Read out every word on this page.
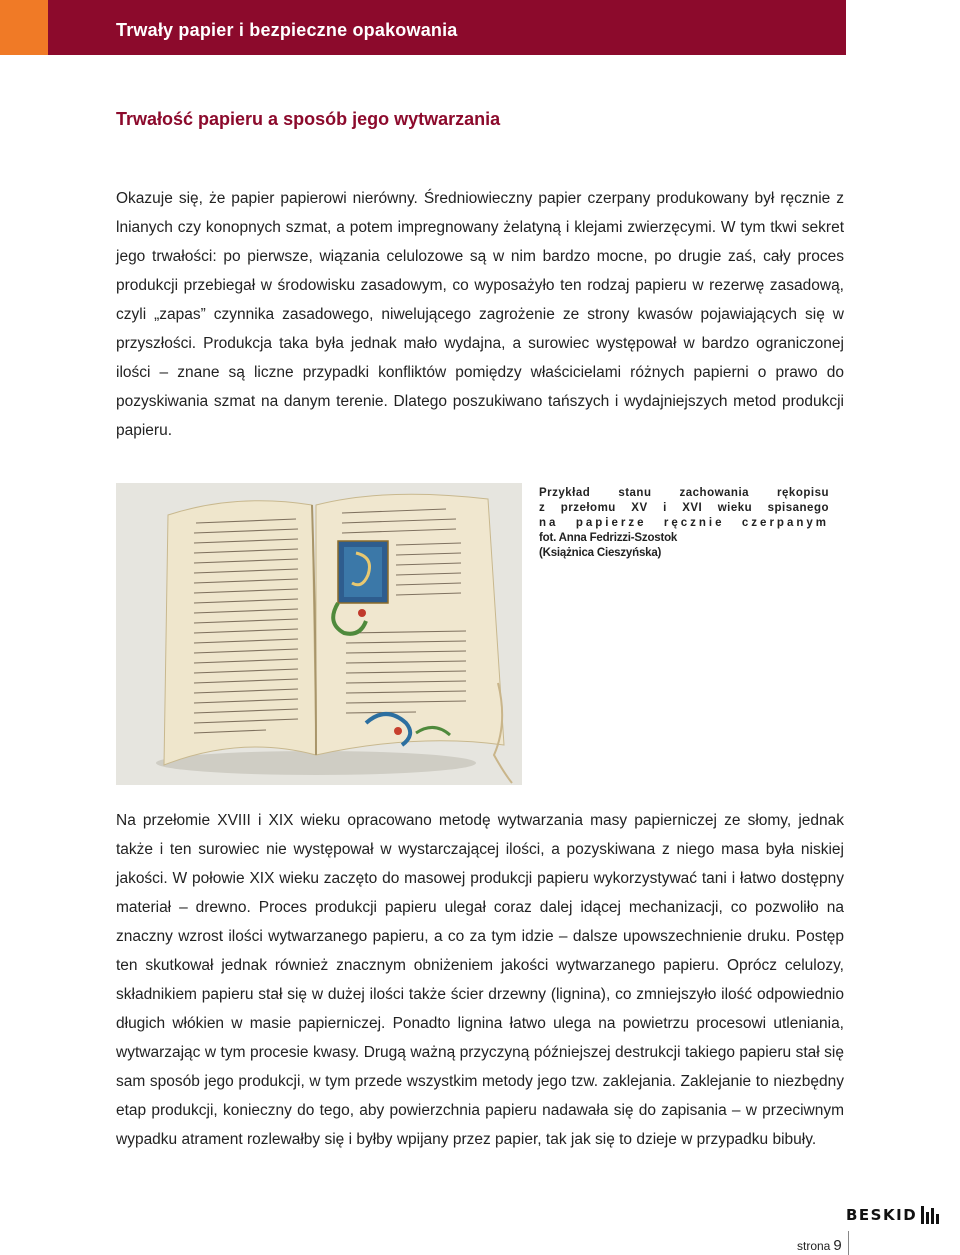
Trwały papier i bezpieczne opakowania
Trwałość papieru a sposób jego wytwarzania

Okazuje się, że papier papierowi nierówny. Średniowieczny papier czerpany produkowany był ręcznie z lnianych czy konopnych szmat, a potem impregnowany żelatyną i klejami zwierzęcymi. W tym tkwi sekret jego trwałości: po pierwsze, wiązania celulozowe są w nim bardzo mocne, po drugie zaś, cały proces produkcji przebiegał w środowisku zasadowym, co wyposażyło ten rodzaj papieru w rezerwę zasadową, czyli „zapas” czynnika zasadowego, niwelującego zagrożenie ze strony kwasów pojawiających się w przyszłości. Produkcja taka była jednak mało wydajna, a surowiec występował w bardzo ograniczonej ilości – znane są liczne przypadki konfliktów pomiędzy właścicielami różnych papierni o prawo do pozyskiwania szmat na danym terenie. Dlatego poszukiwano tańszych i wydajniejszych metod produkcji papieru.

Przykład stanu zachowania rękopisu
z przełomu XV i XVI wieku spisanego
na papierze ręcznie czerpanym
fot. Anna Fedrizzi-Szostok
(Książnica Cieszyńska)

Na przełomie XVIII i XIX wieku opracowano metodę wytwarzania masy papierniczej ze słomy, jednak także i ten surowiec nie występował w wystarczającej ilości, a pozyskiwana z niego masa była niskiej jakości. W połowie XIX wieku zaczęto do masowej produkcji papieru wykorzystywać tani i łatwo dostępny materiał – drewno. Proces produkcji papieru ulegał coraz dalej idącej mechanizacji, co pozwoliło na znaczny wzrost ilości wytwarzanego papieru, a co za tym idzie – dalsze upowszechnienie druku. Postęp ten skutkował jednak również znacznym obniżeniem jakości wytwarzanego papieru. Oprócz celulozy, składnikiem papieru stał się w dużej ilości także ścier drzewny (lignina), co zmniejszyło ilość odpowiednio długich włókien w masie papierniczej. Ponadto lignina łatwo ulega na powietrzu procesowi utleniania, wytwarzając w tym procesie kwasy. Drugą ważną przyczyną późniejszej destrukcji takiego papieru stał się sam sposób jego produkcji, w tym przede wszystkim metody jego tzw. zaklejania. Zaklejanie to niezbędny etap produkcji, konieczny do tego, aby powierzchnia papieru nadawała się do zapisania – w przeciwnym wypadku atrament rozlewałby się i byłby wpijany przez papier, tak jak się to dzieje w przypadku bibuły.

BESKID
strona 9
